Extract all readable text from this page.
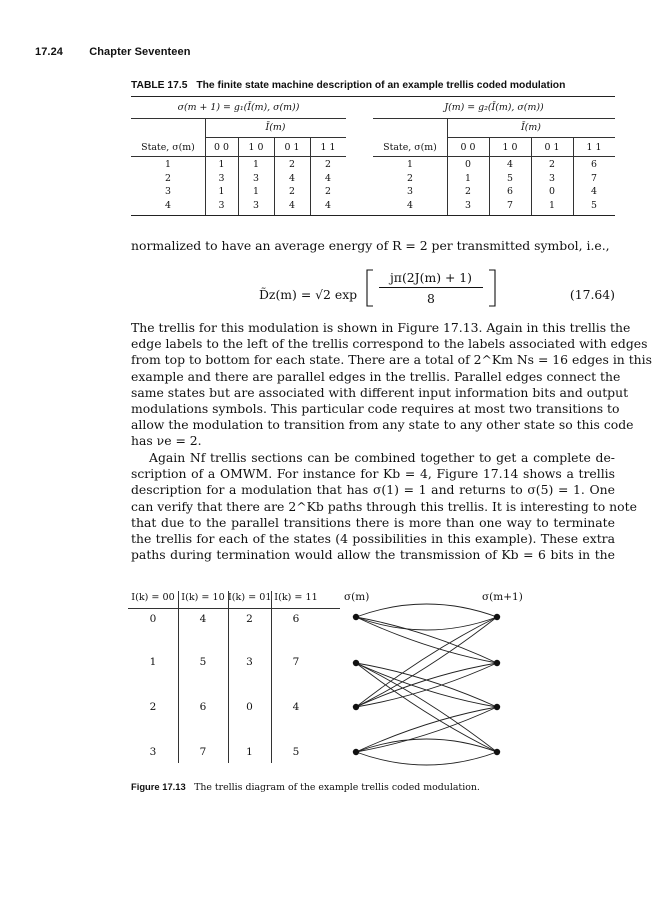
17.24 Chapter Seventeen
TABLE 17.5 The finite state machine description of an example trellis coded modulation
σ(m + 1) = g₁(Ī(m), σ(m))
Ī(m)
State, σ(m)	0 0	1 0	0 1	1 1
1	1	1	2	2
2	3	3	4	4
3	1	1	2	2
4	3	3	4	4
J(m) = g₂(Ī(m), σ(m))
Ī(m)
State, σ(m)	0 0	1 0	0 1	1 1
1	0	4	2	6
2	1	5	3	7
3	2	6	0	4
4	3	7	1	5

normalized to have an average energy of R = 2 per transmitted symbol, i.e.,

D̃z(m) = √2 exp
jπ(2J(m) + 1)
8	(17.64)
The trellis for this modulation is shown in Figure 17.13. Again in this trellis the
edge labels to the left of the trellis correspond to the labels associated with edges
from top to bottom for each state. There are a total of 2^Km Ns = 16 edges in this
example and there are parallel edges in the trellis. Parallel edges connect the
same states but are associated with different input information bits and output
modulations symbols. This particular code requires at most two transitions to
allow the modulation to transition from any state to any other state so this code
has νe = 2.
Again Nf trellis sections can be combined together to get a complete de-
scription of a OMWM. For instance for Kb = 4, Figure 17.14 shows a trellis
description for a modulation that has σ(1) = 1 and returns to σ(5) = 1. One
can verify that there are 2^Kb paths through this trellis. It is interesting to note
that due to the parallel transitions there is more than one way to terminate
the trellis for each of the states (4 possibilities in this example). These extra
paths during termination would allow the transmission of Kb = 6 bits in the
I(k) = 00 I(k) = 10 I(k) = 01 I(k) = 11
0	4	2	6
1	5	3	7
2	6	0	4
3	7	1	5
σ(m)	σ(m+1)
Figure 17.13 The trellis diagram of the example trellis coded modulation.
